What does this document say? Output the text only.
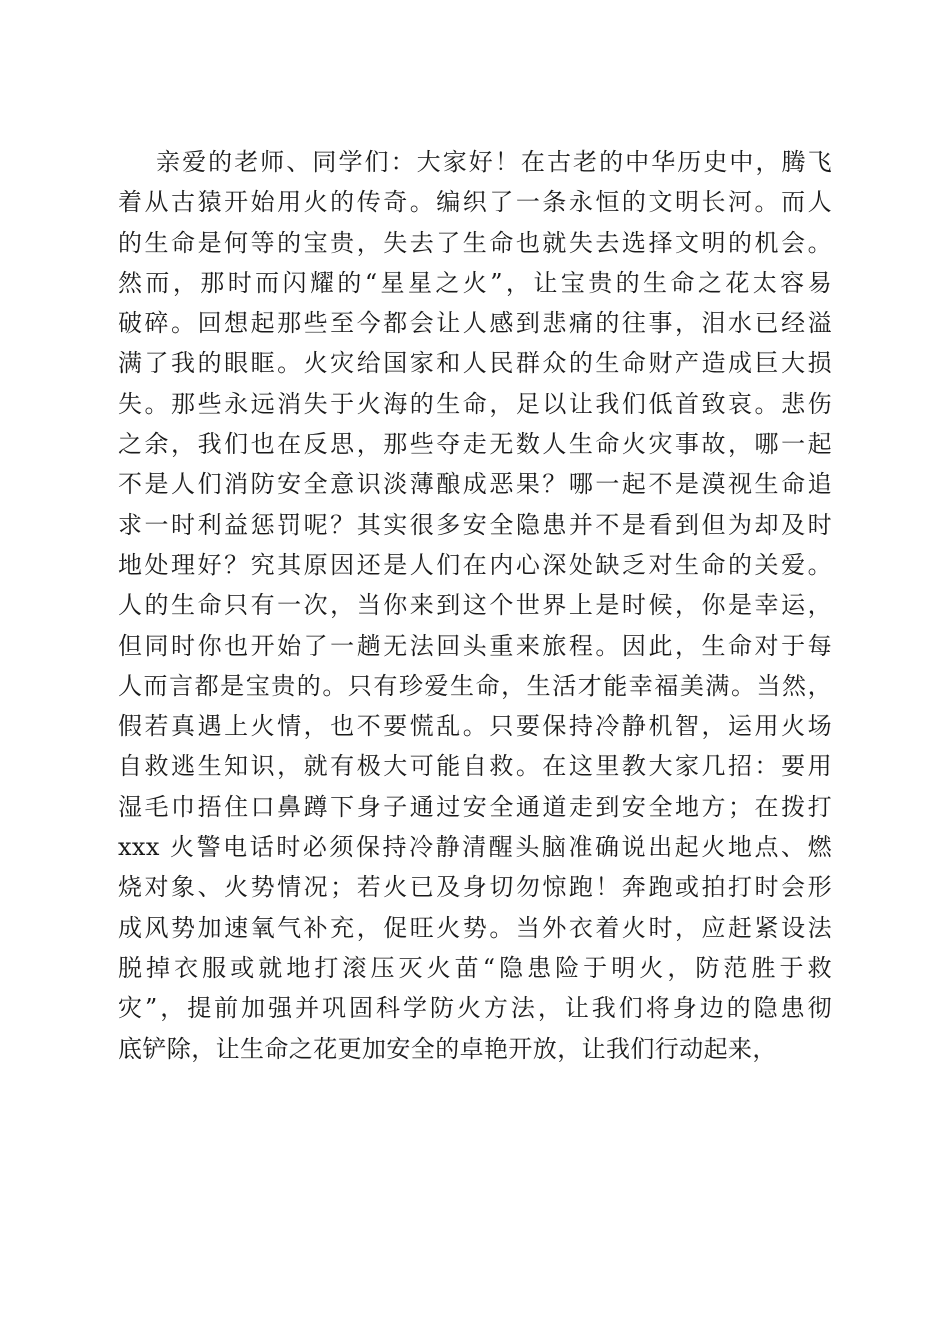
亲爱的老师、同学们：大家好！在古老的中华历史中，腾飞
着从古猿开始用火的传奇。编织了一条永恒的文明长河。而人
的生命是何等的宝贵，失去了生命也就失去选择文明的机会。
然而，那时而闪耀的“星星之火”，让宝贵的生命之花太容易
破碎。回想起那些至今都会让人感到悲痛的往事，泪水已经溢
满了我的眼眶。火灾给国家和人民群众的生命财产造成巨大损
失。那些永远消失于火海的生命，足以让我们低首致哀。悲伤
之余，我们也在反思，那些夺走无数人生命火灾事故，哪一起
不是人们消防安全意识淡薄酿成恶果？哪一起不是漠视生命追
求一时利益惩罚呢？其实很多安全隐患并不是看到但为却及时
地处理好？究其原因还是人们在内心深处缺乏对生命的关爱。
人的生命只有一次，当你来到这个世界上是时候，你是幸运，
但同时你也开始了一趟无法回头重来旅程。因此，生命对于每
人而言都是宝贵的。只有珍爱生命，生活才能幸福美满。当然，
假若真遇上火情，也不要慌乱。只要保持冷静机智，运用火场
自救逃生知识，就有极大可能自救。在这里教大家几招：要用
湿毛巾捂住口鼻蹲下身子通过安全通道走到安全地方；在拨打
xxx 火警电话时必须保持冷静清醒头脑准确说出起火地点、燃
烧对象、火势情况；若火已及身切勿惊跑！奔跑或拍打时会形
成风势加速氧气补充，促旺火势。当外衣着火时，应赶紧设法
脱掉衣服或就地打滚压灭火苗“隐患险于明火，防范胜于救
灾”，提前加强并巩固科学防火方法，让我们将身边的隐患彻
底铲除，让生命之花更加安全的卓艳开放，让我们行动起来，
